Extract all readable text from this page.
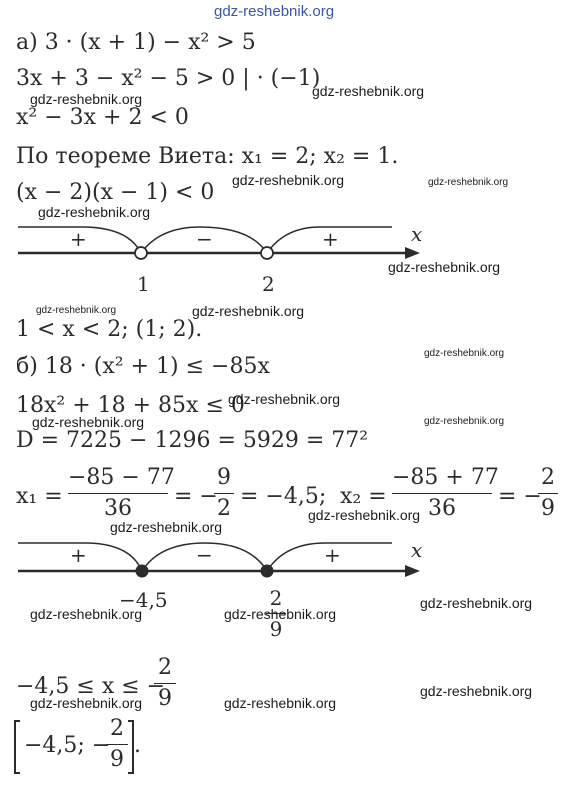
gdz-reshebnik.org
а) 3 · (x + 1) − x² > 5
3x + 3 − x² − 5 > 0 | · (−1)
x² − 3x + 2 < 0
По теореме Виета: x₁ = 2; x₂ = 1.
(x − 2)(x − 1) < 0
+	−	+	x
1	2
1 < x < 2; (1; 2).
б) 18 · (x² + 1) ≤ −85x
18x² + 18 + 85x ≤ 0
D = 7225 − 1296 = 5929 = 77²
x₁ =
−85 − 77
36	= −
9
2 = −4,5; x₂ =
−85 + 77
36	= −
2
9
+	−	+	x
−4,5	2
9
−4,5 ≤ x ≤ −
2
9
−4,5; −
2
9
.
gdz-reshebnik.org	gdz-reshebnik.org
gdz-reshebnik.org	gdz-reshebnik.org
gdz-reshebnik.org
gdz-reshebnik.org
gdz-reshebnik.org	gdz-reshebnik.org
gdz-reshebnik.org
gdz-reshebnik.org
gdz-reshebnik.org	gdz-reshebnik.org
gdz-reshebnik.org
gdz-reshebnik.org
gdz-reshebnik.org
gdz-reshebnik.org	gdz-reshebnik.org
gdz-reshebnik.org
gdz-reshebnik.org	gdz-reshebnik.org
